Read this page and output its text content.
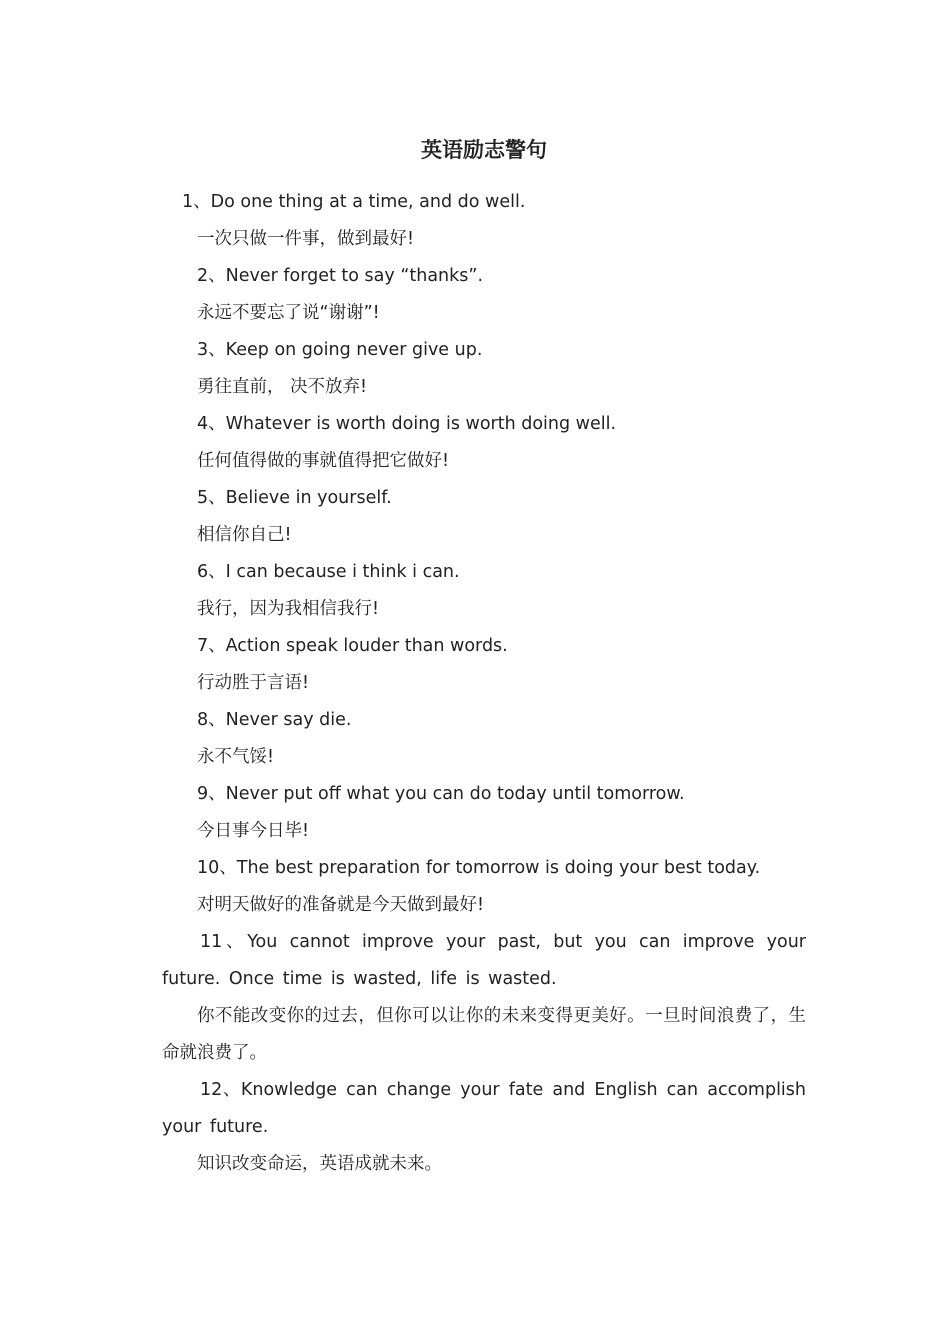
英语励志警句
1、Do one thing at a time, and do well.
一次只做一件事，做到最好!
2、Never forget to say “thanks”.
永远不要忘了说“谢谢”!
3、Keep on going never give up.
勇往直前， 决不放弃!
4、Whatever is worth doing is worth doing well.
任何值得做的事就值得把它做好!
5、Believe in yourself.
相信你自己!
6、I can because i think i can.
我行，因为我相信我行!
7、Action speak louder than words.
行动胜于言语!
8、Never say die.
永不气馁!
9、Never put off what you can do today until tomorrow.
今日事今日毕!
10、The best preparation for tomorrow is doing your best today.
对明天做好的准备就是今天做到最好!
11、You cannot improve your past, but you can improve your future. Once time is wasted, life is wasted.
你不能改变你的过去，但你可以让你的未来变得更美好。一旦时间浪费了，生命就浪费了。
12、Knowledge can change your fate and English can accomplish your future.
知识改变命运，英语成就未来。
